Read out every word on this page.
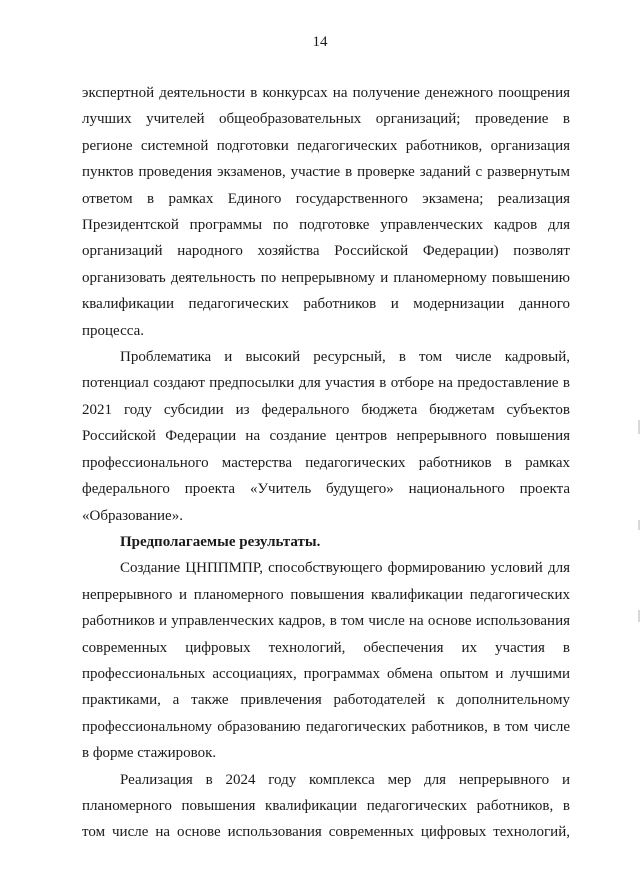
14
экспертной деятельности в конкурсах на получение денежного поощрения
лучших учителей общеобразовательных организаций; проведение в
регионе системной подготовки педагогических работников, организация
пунктов проведения экзаменов, участие в проверке заданий с развернутым
ответом в рамках Единого государственного экзамена; реализация
Президентской программы по подготовке управленческих кадров для
организаций народного хозяйства Российской Федерации) позволят
организовать деятельность по непрерывному и планомерному повышению
квалификации педагогических работников и модернизации данного
процесса.
Проблематика и высокий ресурсный, в том числе кадровый,
потенциал создают предпосылки для участия в отборе на предоставление в
2021 году субсидии из федерального бюджета бюджетам субъектов
Российской Федерации на создание центров непрерывного повышения
профессионального мастерства педагогических работников в рамках
федерального проекта «Учитель будущего» национального проекта
«Образование».
Предполагаемые результаты.
Создание ЦНППМПР, способствующего формированию условий для
непрерывного и планомерного повышения квалификации педагогических
работников и управленческих кадров, в том числе на основе использования
современных цифровых технологий, обеспечения их участия в
профессиональных ассоциациях, программах обмена опытом и лучшими
практиками, а также привлечения работодателей к дополнительному
профессиональному образованию педагогических работников, в том числе
в форме стажировок.
Реализация в 2024 году комплекса мер для непрерывного и
планомерного повышения квалификации педагогических работников, в
том числе на основе использования современных цифровых технологий,
